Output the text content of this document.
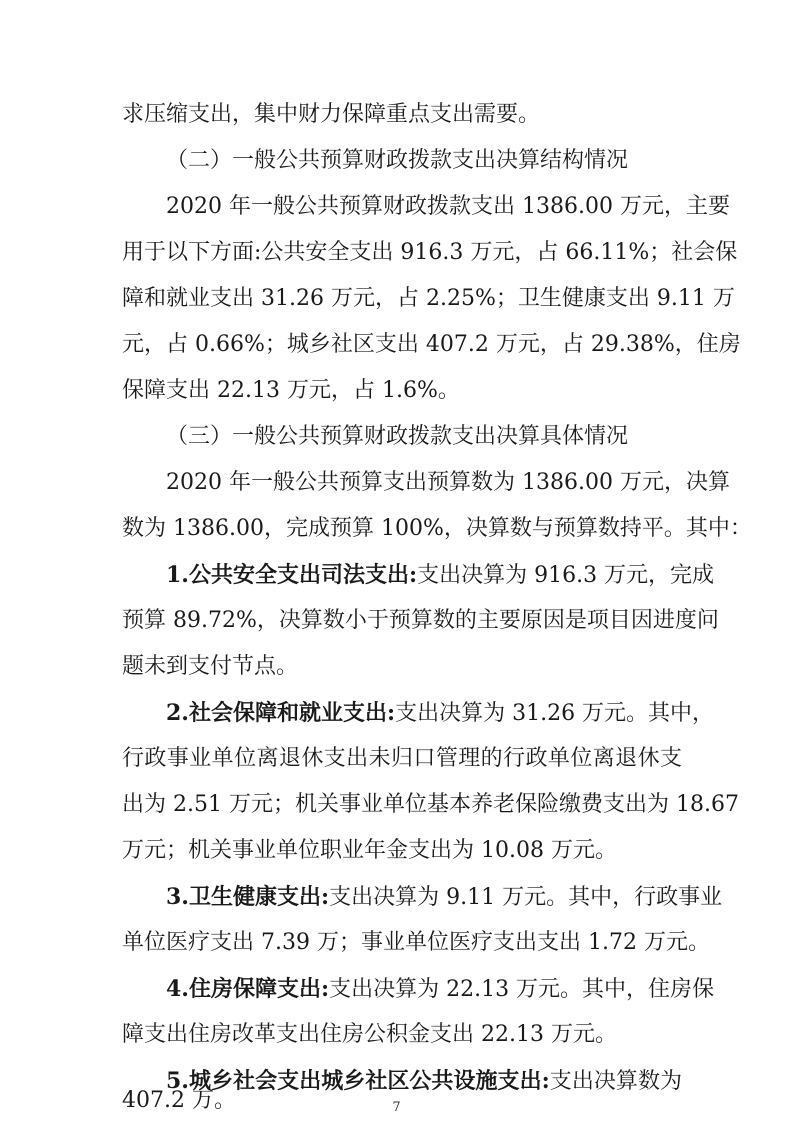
求压缩支出，集中财力保障重点支出需要。
（二）一般公共预算财政拨款支出决算结构情况
2020 年一般公共预算财政拨款支出 1386.00 万元，主要
用于以下方面:公共安全支出 916.3 万元，占 66.11%；社会保
障和就业支出 31.26 万元，占 2.25%；卫生健康支出 9.11 万
元，占 0.66%；城乡社区支出 407.2 万元，占 29.38%，住房
保障支出 22.13 万元，占 1.6%。
（三）一般公共预算财政拨款支出决算具体情况
2020 年一般公共预算支出预算数为 1386.00 万元，决算
数为 1386.00，完成预算 100%，决算数与预算数持平。其中：
1.公共安全支出司法支出:支出决算为 916.3 万元，完成
预算 89.72%，决算数小于预算数的主要原因是项目因进度问
题未到支付节点。
2.社会保障和就业支出:支出决算为 31.26 万元。其中，
行政事业单位离退休支出未归口管理的行政单位离退休支
出为 2.51 万元；机关事业单位基本养老保险缴费支出为 18.67
万元；机关事业单位职业年金支出为 10.08 万元。
3.卫生健康支出:支出决算为 9.11 万元。其中，行政事业
单位医疗支出 7.39 万；事业单位医疗支出支出 1.72 万元。
4.住房保障支出:支出决算为 22.13 万元。其中，住房保
障支出住房改革支出住房公积金支出 22.13 万元。
5.城乡社会支出城乡社区公共设施支出:支出决算数为
407.2 万。	7
